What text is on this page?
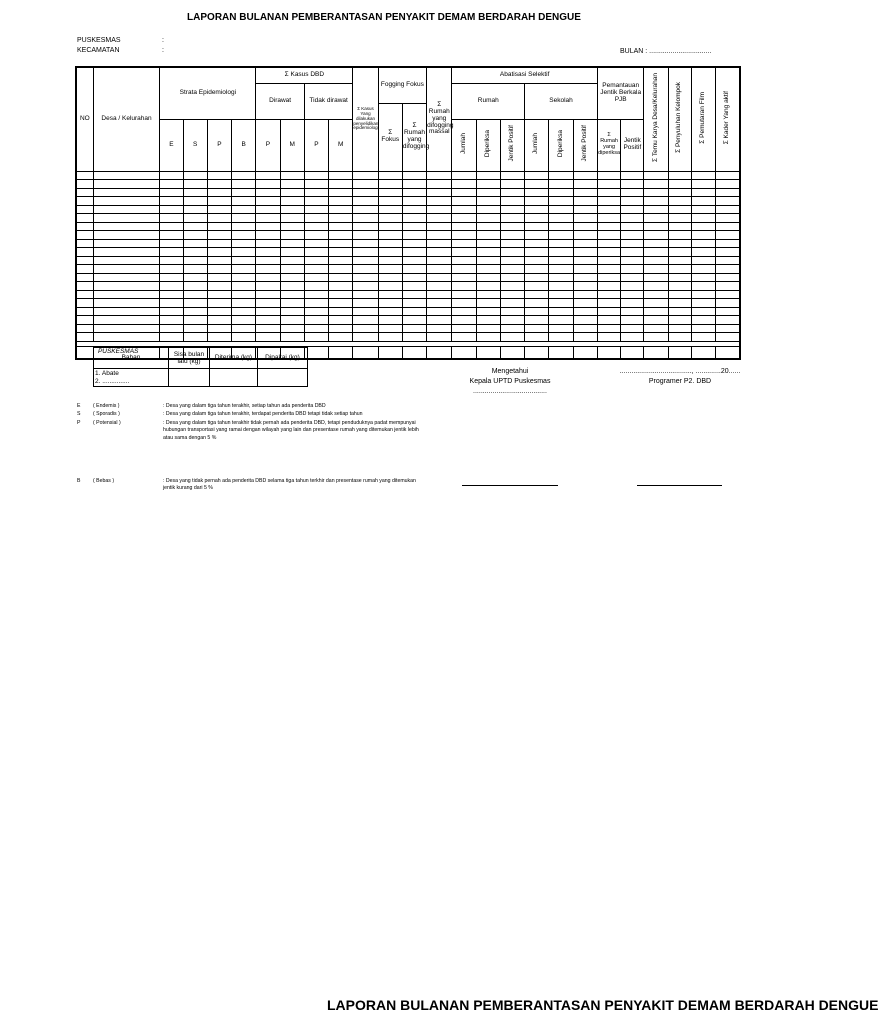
LAPORAN BULANAN PEMBERANTASAN PENYAKIT DEMAM BERDARAH DENGUE
PUSKESMAS	:
KECAMATAN	:	BULAN : ................................
NO	Desa / Kelurahan	Strata Epidemiologi				Σ Kasus DBD				Σ Kasus Yang dilakukan penyelidikan epidemiologi	Fogging Fokus		Σ Rumah yang difogging massal	Abatisasi Selektif						Pemantauan Jentik Berkala PJB		Σ Temu Karya Desa/Kelurahan	Σ Penyuluhan Kelompok	Σ Pemutaran Film	Σ Kader Yang aktif
						Dirawat		Tidak dirawat						Rumah			Sekolah								
											Σ Fokus	Σ Rumah yang difogging													
		E	S	P	B	P	M	P	M					Jumlah	Diperiksa	Jentik Positif	Jumlah	Diperiksa	Jentik Positif	Σ Rumah yang diperiksa	Jentik Positif				

PUSKESMAS																									
Bahan	Sisa bulan lalu (kg)	Diterima (kg)	Dipakai (kg)
1. Abate			
2. ...............			
Mengetahui
Kepala UPTD Puskesmas
......................................
....................................., .............20......
Programer P2. DBD
E ( Endemis )	: Desa yang dalam tiga tahun terakhir, setiap tahun ada penderita DBD
S ( Sporadis )	: Desa yang dalam tiga tahun terakhir, terdapat penderita DBD tetapi tidak setiap tahun
P ( Potensial )	: Desa yang dalam tiga tahun terakhir tidak pernah ada penderita DBD, tetapi penduduknya padat mempunyai hubungan transportasi yang ramai dengan wilayah yang lain dan presentase rumah yang ditemukan jentik lebih atau sama dengan 5 %
B ( Bebas )	: Desa yang tidak pernah ada penderita DBD selama tiga tahun terkhir dan presentase rumah yang ditemukan jentik kurang dari 5 %
LAPORAN BULANAN PEMBERANTASAN PENYAKIT DEMAM BERDARAH DENGUE
